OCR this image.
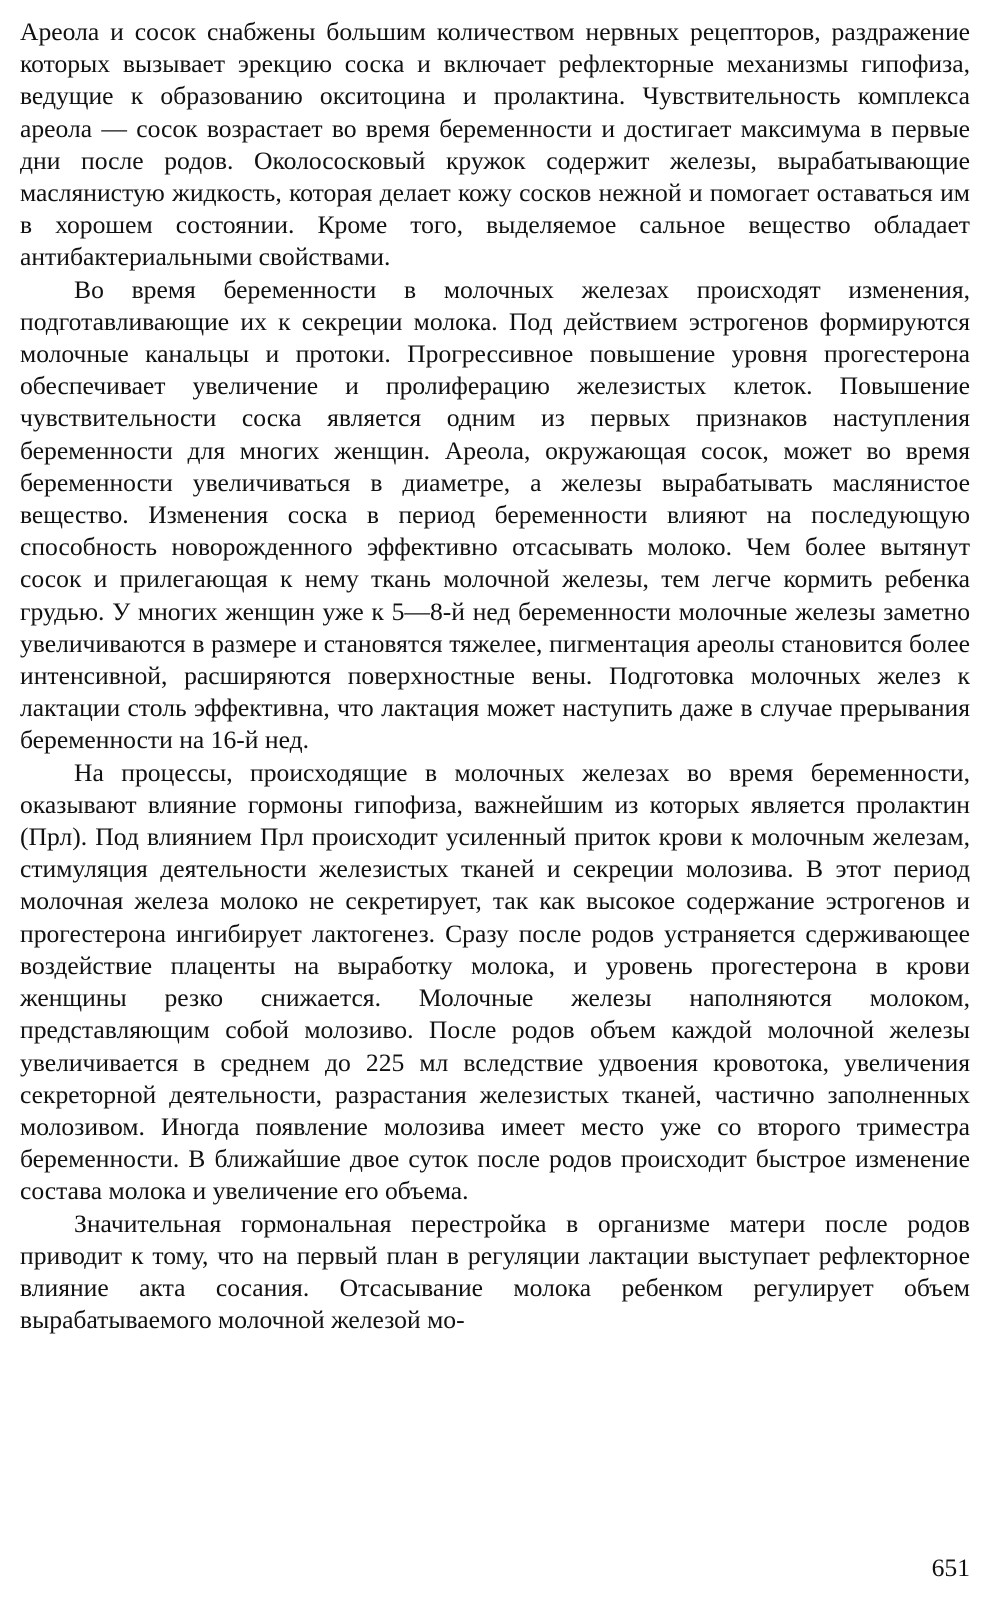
Ареола и сосок снабжены большим количеством нервных рецепторов, раздражение которых вызывает эрекцию соска и включает рефлекторные механизмы гипофиза, ведущие к образованию окситоцина и пролактина. Чувствительность комплекса ареола — сосок возрастает во время беременности и достигает максимума в первые дни после родов. Околососковый кружок содержит железы, вырабатывающие маслянистую жидкость, которая делает кожу сосков нежной и помогает оставаться им в хорошем состоянии. Кроме того, выделяемое сальное вещество обладает антибактериальными свойствами.

Во время беременности в молочных железах происходят изменения, подготавливающие их к секреции молока. Под действием эстрогенов формируются молочные канальцы и протоки. Прогрессивное повышение уровня прогестерона обеспечивает увеличение и пролиферацию железистых клеток. Повышение чувствительности соска является одним из первых признаков наступления беременности для многих женщин. Ареола, окружающая сосок, может во время беременности увеличиваться в диаметре, а железы вырабатывать маслянистое вещество. Изменения соска в период беременности влияют на последующую способность новорожденного эффективно отсасывать молоко. Чем более вытянут сосок и прилегающая к нему ткань молочной железы, тем легче кормить ребенка грудью. У многих женщин уже к 5—8-й нед беременности молочные железы заметно увеличиваются в размере и становятся тяжелее, пигментация ареолы становится более интенсивной, расширяются поверхностные вены. Подготовка молочных желез к лактации столь эффективна, что лактация может наступить даже в случае прерывания беременности на 16-й нед.

На процессы, происходящие в молочных железах во время беременности, оказывают влияние гормоны гипофиза, важнейшим из которых является пролактин (Прл). Под влиянием Прл происходит усиленный приток крови к молочным железам, стимуляция деятельности железистых тканей и секреции молозива. В этот период молочная железа молоко не секретирует, так как высокое содержание эстрогенов и прогестерона ингибирует лактогенез. Сразу после родов устраняется сдерживающее воздействие плаценты на выработку молока, и уровень прогестерона в крови женщины резко снижается. Молочные железы наполняются молоком, представляющим собой молозиво. После родов объем каждой молочной железы увеличивается в среднем до 225 мл вследствие удвоения кровотока, увеличения секреторной деятельности, разрастания железистых тканей, частично заполненных молозивом. Иногда появление молозива имеет место уже со второго триместра беременности. В ближайшие двое суток после родов происходит быстрое изменение состава молока и увеличение его объема.

Значительная гормональная перестройка в организме матери после родов приводит к тому, что на первый план в регуляции лактации выступает рефлекторное влияние акта сосания. Отсасывание молока ребенком регулирует объем вырабатываемого молочной железой мо-

651
